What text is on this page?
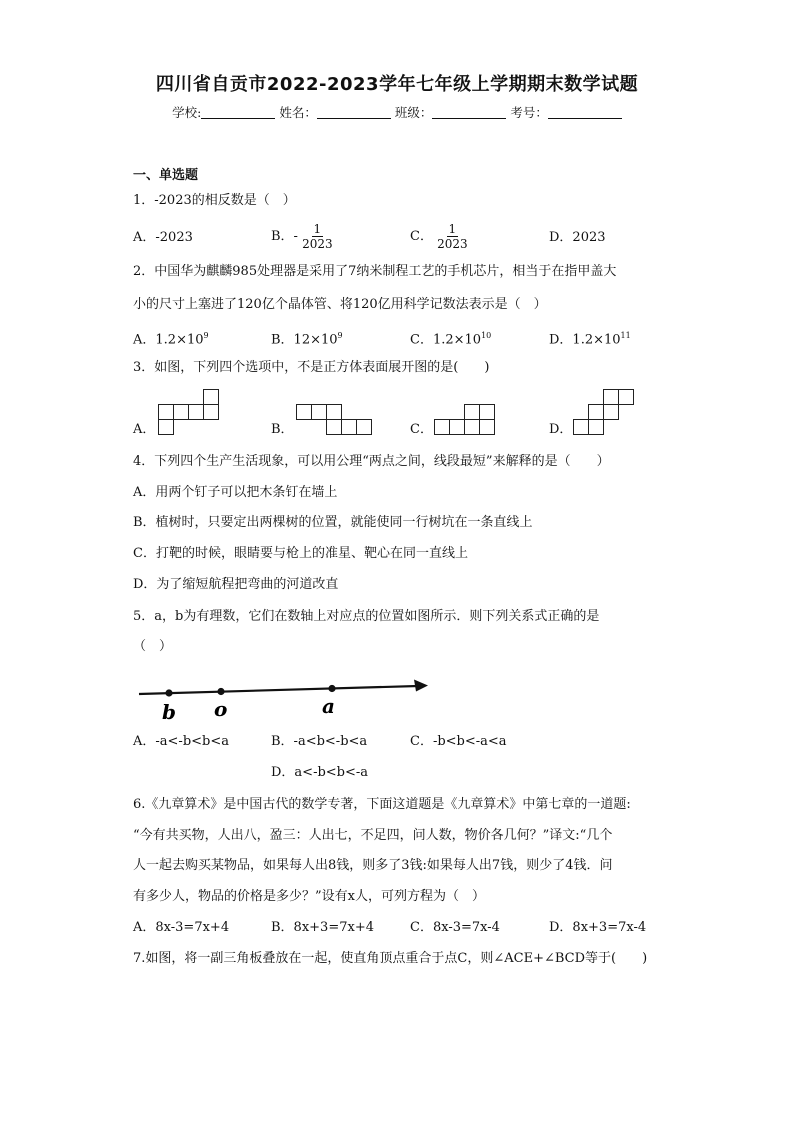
四川省自贡市2022-2023学年七年级上学期期末数学试题
学校:	姓名：	班级：	考号：
一、单选题
1．-2023的相反数是（　）
A．-2023	B．- $\frac{1}{2023}$	C． $\frac{1}{2023}$	D．2023
2．中国华为麒麟985处理器是采用了7纳米制程工艺的手机芯片，相当于在指甲盖大
小的尺寸上塞进了120亿个晶体管、将120亿用科学记数法表示是（　）
A．$1.2\times 10^9$	B．$12\times 10^9$	C．$1.2\times 10^{10}$	D．$1.2\times 10^{11}$
3．如图，下列四个选项中，不是正方体表面展开图的是(　　)
A．	B．	C．	D．
4．下列四个生产生活现象，可以用公理“两点之间，线段最短”来解释的是（　　）
A．用两个钉子可以把木条钉在墙上
B．植树时，只要定出两棵树的位置，就能使同一行树坑在一条直线上
C．打靶的时候，眼睛要与枪上的准星、靶心在同一直线上
D．为了缩短航程把弯曲的河道改直
5．a，b为有理数，它们在数轴上对应点的位置如图所示．则下列关系式正确的是
（　）
b o	a
A．-a<-b<b<a	B．-a<b<-b<a	C．-b<b<-a<a
D．a<-b<b<-a
6.《九章算术》是中国古代的数学专著，下面这道题是《九章算术》中第七章的一道题:
“今有共买物，人出八，盈三：人出七，不足四，问人数，物价各几何？”译文:“几个
人一起去购买某物品，如果每人出8钱，则多了3钱:如果每人出7钱，则少了4钱．问
有多少人，物品的价格是多少？”设有x人，可列方程为（　）
A．8x-3=7x+4	B．8x+3=7x+4	C．8x-3=7x-4	D．8x+3=7x-4
7.如图，将一副三角板叠放在一起，使直角顶点重合于点C，则∠ACE+∠BCD等于(　　)
